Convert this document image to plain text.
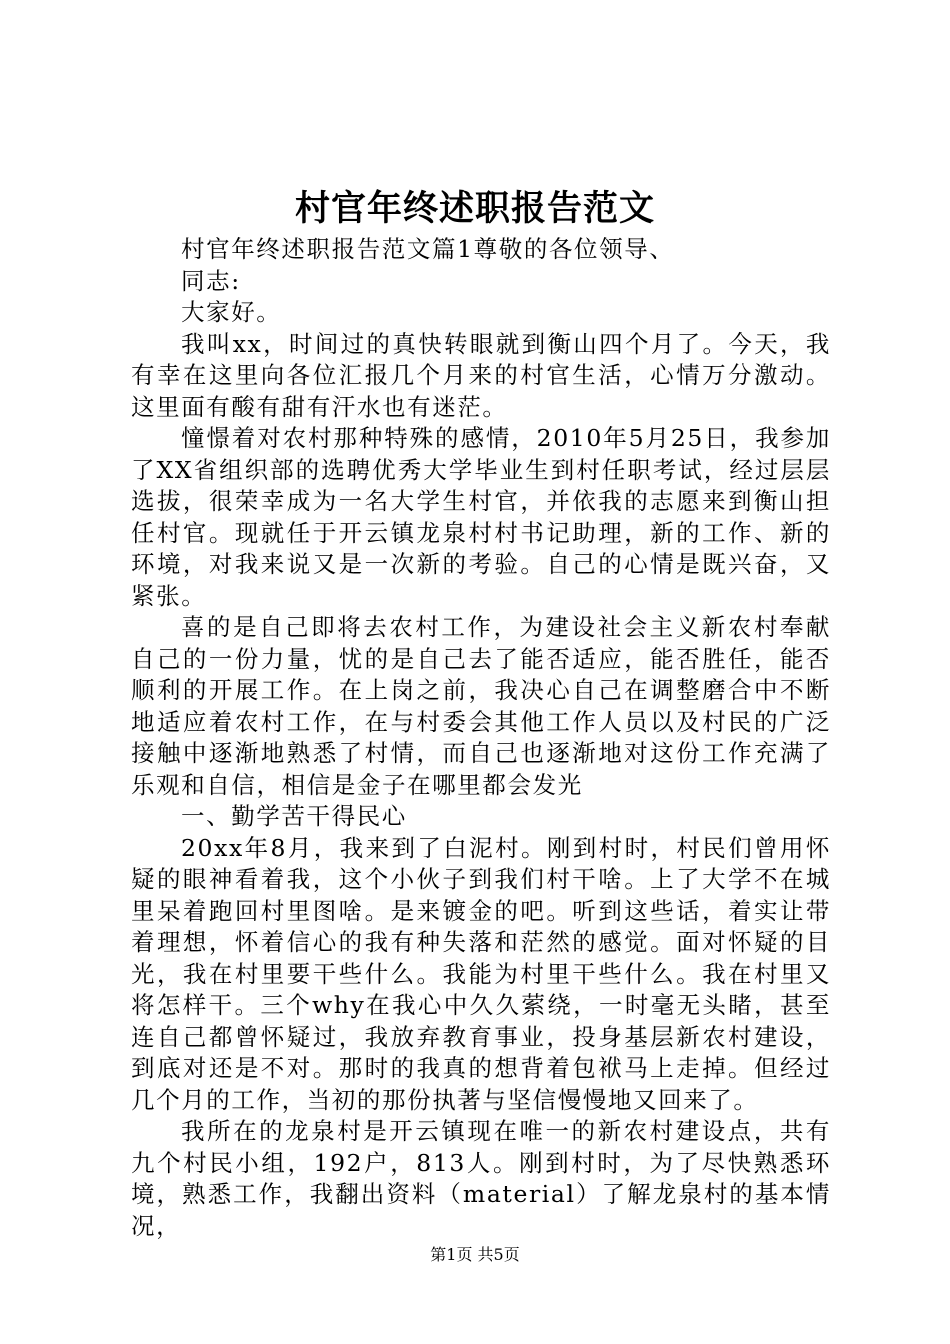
村官年终述职报告范文

村官年终述职报告范文篇1尊敬的各位领导、

同志:

大家好。

我叫xx，时间过的真快转眼就到衡山四个月了。今天，我有幸在这里向各位汇报几个月来的村官生活，心情万分激动。这里面有酸有甜有汗水也有迷茫。

憧憬着对农村那种特殊的感情，2010年5月25日，我参加了XX省组织部的选聘优秀大学毕业生到村任职考试，经过层层选拔，很荣幸成为一名大学生村官，并依我的志愿来到衡山担任村官。现就任于开云镇龙泉村村书记助理，新的工作、新的环境，对我来说又是一次新的考验。自己的心情是既兴奋，又紧张。

喜的是自己即将去农村工作，为建设社会主义新农村奉献自己的一份力量，忧的是自己去了能否适应，能否胜任，能否顺利的开展工作。在上岗之前，我决心自己在调整磨合中不断地适应着农村工作，在与村委会其他工作人员以及村民的广泛接触中逐渐地熟悉了村情，而自己也逐渐地对这份工作充满了乐观和自信，相信是金子在哪里都会发光

一、勤学苦干得民心

20xx年8月，我来到了白泥村。刚到村时，村民们曾用怀疑的眼神看着我，这个小伙子到我们村干啥。上了大学不在城里呆着跑回村里图啥。是来镀金的吧。听到这些话，着实让带着理想，怀着信心的我有种失落和茫然的感觉。面对怀疑的目光，我在村里要干些什么。我能为村里干些什么。我在村里又将怎样干。三个why在我心中久久萦绕，一时毫无头睹，甚至连自己都曾怀疑过，我放弃教育事业，投身基层新农村建设，到底对还是不对。那时的我真的想背着包袱马上走掉。但经过几个月的工作，当初的那份执著与坚信慢慢地又回来了。

我所在的龙泉村是开云镇现在唯一的新农村建设点，共有九个村民小组，192户，813人。刚到村时，为了尽快熟悉环境，熟悉工作，我翻出资料（material）了解龙泉村的基本情况，

第1页 共5页
